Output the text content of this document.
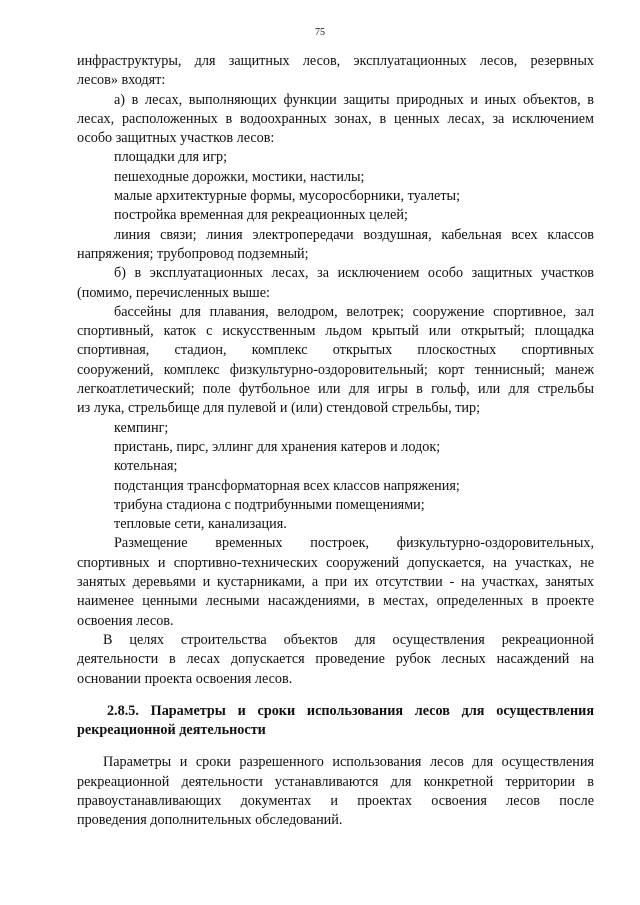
75
инфраструктуры, для защитных лесов, эксплуатационных лесов, резервных
лесов» входят:
а) в лесах, выполняющих функции защиты природных и иных объектов, в
лесах, расположенных в водоохранных зонах, в ценных лесах, за исключением
особо защитных участков лесов:
площадки для игр;
пешеходные дорожки, мостики, настилы;
малые архитектурные формы, мусоросборники, туалеты;
постройка временная для рекреационных целей;
линия связи; линия электропередачи воздушная, кабельная всех классов
напряжения; трубопровод подземный;
б) в эксплуатационных лесах, за исключением особо защитных участков
(помимо, перечисленных выше:
бассейны для плавания, велодром, велотрек; сооружение спортивное, зал
спортивный, каток с искусственным льдом крытый или открытый; площадка
спортивная, стадион, комплекс открытых плоскостных спортивных
сооружений, комплекс физкультурно-оздоровительный; корт теннисный; манеж
легкоатлетический; поле футбольное или для игры в гольф, или для стрельбы
из лука, стрельбище для пулевой и (или) стендовой стрельбы, тир;
кемпинг;
пристань, пирс, эллинг для хранения катеров и лодок;
котельная;
подстанция трансформаторная всех классов напряжения;
трибуна стадиона с подтрибунными помещениями;
тепловые сети, канализация.
Размещение временных построек, физкультурно-оздоровительных,
спортивных и спортивно-технических сооружений допускается, на участках, не
занятых деревьями и кустарниками, а при их отсутствии - на участках, занятых
наименее ценными лесными насаждениями, в местах, определенных в проекте
освоения лесов.
В целях строительства объектов для осуществления рекреационной
деятельности в лесах допускается проведение рубок лесных насаждений на
основании проекта освоения лесов.
2.8.5. Параметры и сроки использования лесов для осуществления
рекреационной деятельности
Параметры и сроки разрешенного использования лесов для осуществления
рекреационной деятельности устанавливаются для конкретной территории в
правоустанавливающих документах и проектах освоения лесов после
проведения дополнительных обследований.
